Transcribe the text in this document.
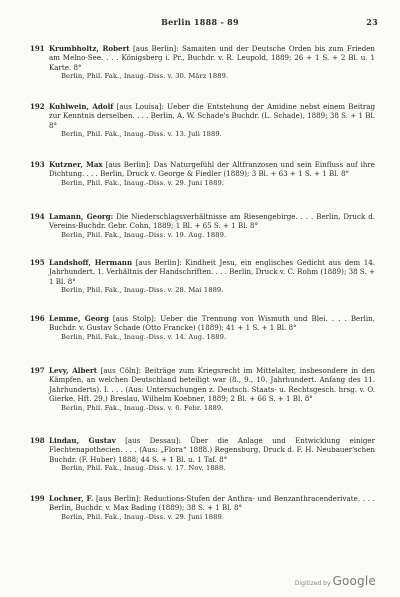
Berlin 1888 - 89	23
191 Krumbholtz, Robert [aus Berlin]: Samaiten und der Deutsche Orden bis zum Frieden am Melno-See. . . . Königsberg i. Pr., Buchdr. v. R. Leupold, 1889; 26 + 1 S. + 2 Bl. u. 1 Karte. 8°
Berlin, Phil. Fak., Inaug.-Diss. v. 30. März 1889.
192 Kuhlwein, Adolf [aus Louisa]: Ueber die Entstehung der Amidine nebst einem Beitrag zur Kenntnis derselben. . . . Berlin, A. W. Schade's Buchdr. (L. Schade), 1889; 38 S. + 1 Bl. 8°
Berlin, Phil. Fak., Inaug.-Diss. v. 13. Juli 1889.
193 Kutzner, Max [aus Berlin]: Das Naturgefühl der Altfranzosen und sein Einfluss auf ihre Dichtung. . . . Berlin, Druck v. George & Fiedler (1889); 3 Bl. + 63 + 1 S. + 1 Bl. 8°
Berlin, Phil. Fak., Inaug.-Diss. v. 29. Juni 1889.
194 Lamann, Georg: Die Niederschlagsverhältnisse am Riesengebirge. . . . Berlin, Druck d. Vereins-Buchdr. Gebr. Cohn, 1889; 1 Bl. + 65 S. + 1 Bl. 8°
Berlin, Phil. Fak., Inaug.-Diss. v. 19. Aug. 1889.
195 Landshoff, Hermann [aus Berlin]: Kindheit Jesu, ein englisches Gedicht aus dem 14. Jahrhundert. 1. Verhältnis der Handschriften. . . . Berlin, Druck v. C. Rohm (1889); 38 S. + 1 Bl. 8°
Berlin, Phil. Fak., Inaug.-Diss. v. 28. Mai 1889.
196 Lemme, Georg [aus Stolp]: Ueber die Trennung von Wismuth und Blei. . . . Berlin, Buchdr. v. Gustav Schade (Otto Francke) (1889); 41 + 1 S. + 1 Bl. 8°
Berlin, Phil. Fak., Inaug.-Diss. v. 14. Aug. 1889.
197 Levy, Albert [aus Cöln]: Beiträge zum Kriegsrecht im Mittelalter, insbesondere in den Kämpfen, an welchen Deutschland beteiligt war (8., 9., 10. Jahrhundert. Anfang des 11. Jahrhunderts). I. . . . (Aus: Untersuchungen z. Deutsch. Staats- u. Rechtsgesch. hrsg. v. O. Gierke. Hft. 29.) Breslau, Wilhelm Koebner, 1889; 2 Bl. + 66 S. + 1 Bl. 8°
Berlin, Phil. Fak., Inaug.-Diss. v. 6. Febr. 1889.
198 Lindau, Gustav [aus Dessau]: Über die Anlage und Entwicklung einiger Flechtenapothecien. . . . (Aus: „Flora“ 1888.) Regensburg, Druck d. F. H. Neubauer'schen Buchdr. (F. Huber) 1888; 44 S. + 1 Bl. u. 1 Taf. 8°
Berlin, Phil. Fak., Inaug.-Diss. v. 17. Nov. 1888.
199 Lochner, F. [aus Berlin]: Reductions-Stufen der Anthra- und Benzanthracenderivate. . . . Berlin, Buchdr. v. Max Bading (1889); 38 S. + 1 Bl. 8°
Berlin, Phil. Fak., Inaug.-Diss. v. 29. Juni 1889.
Digitized by Google
